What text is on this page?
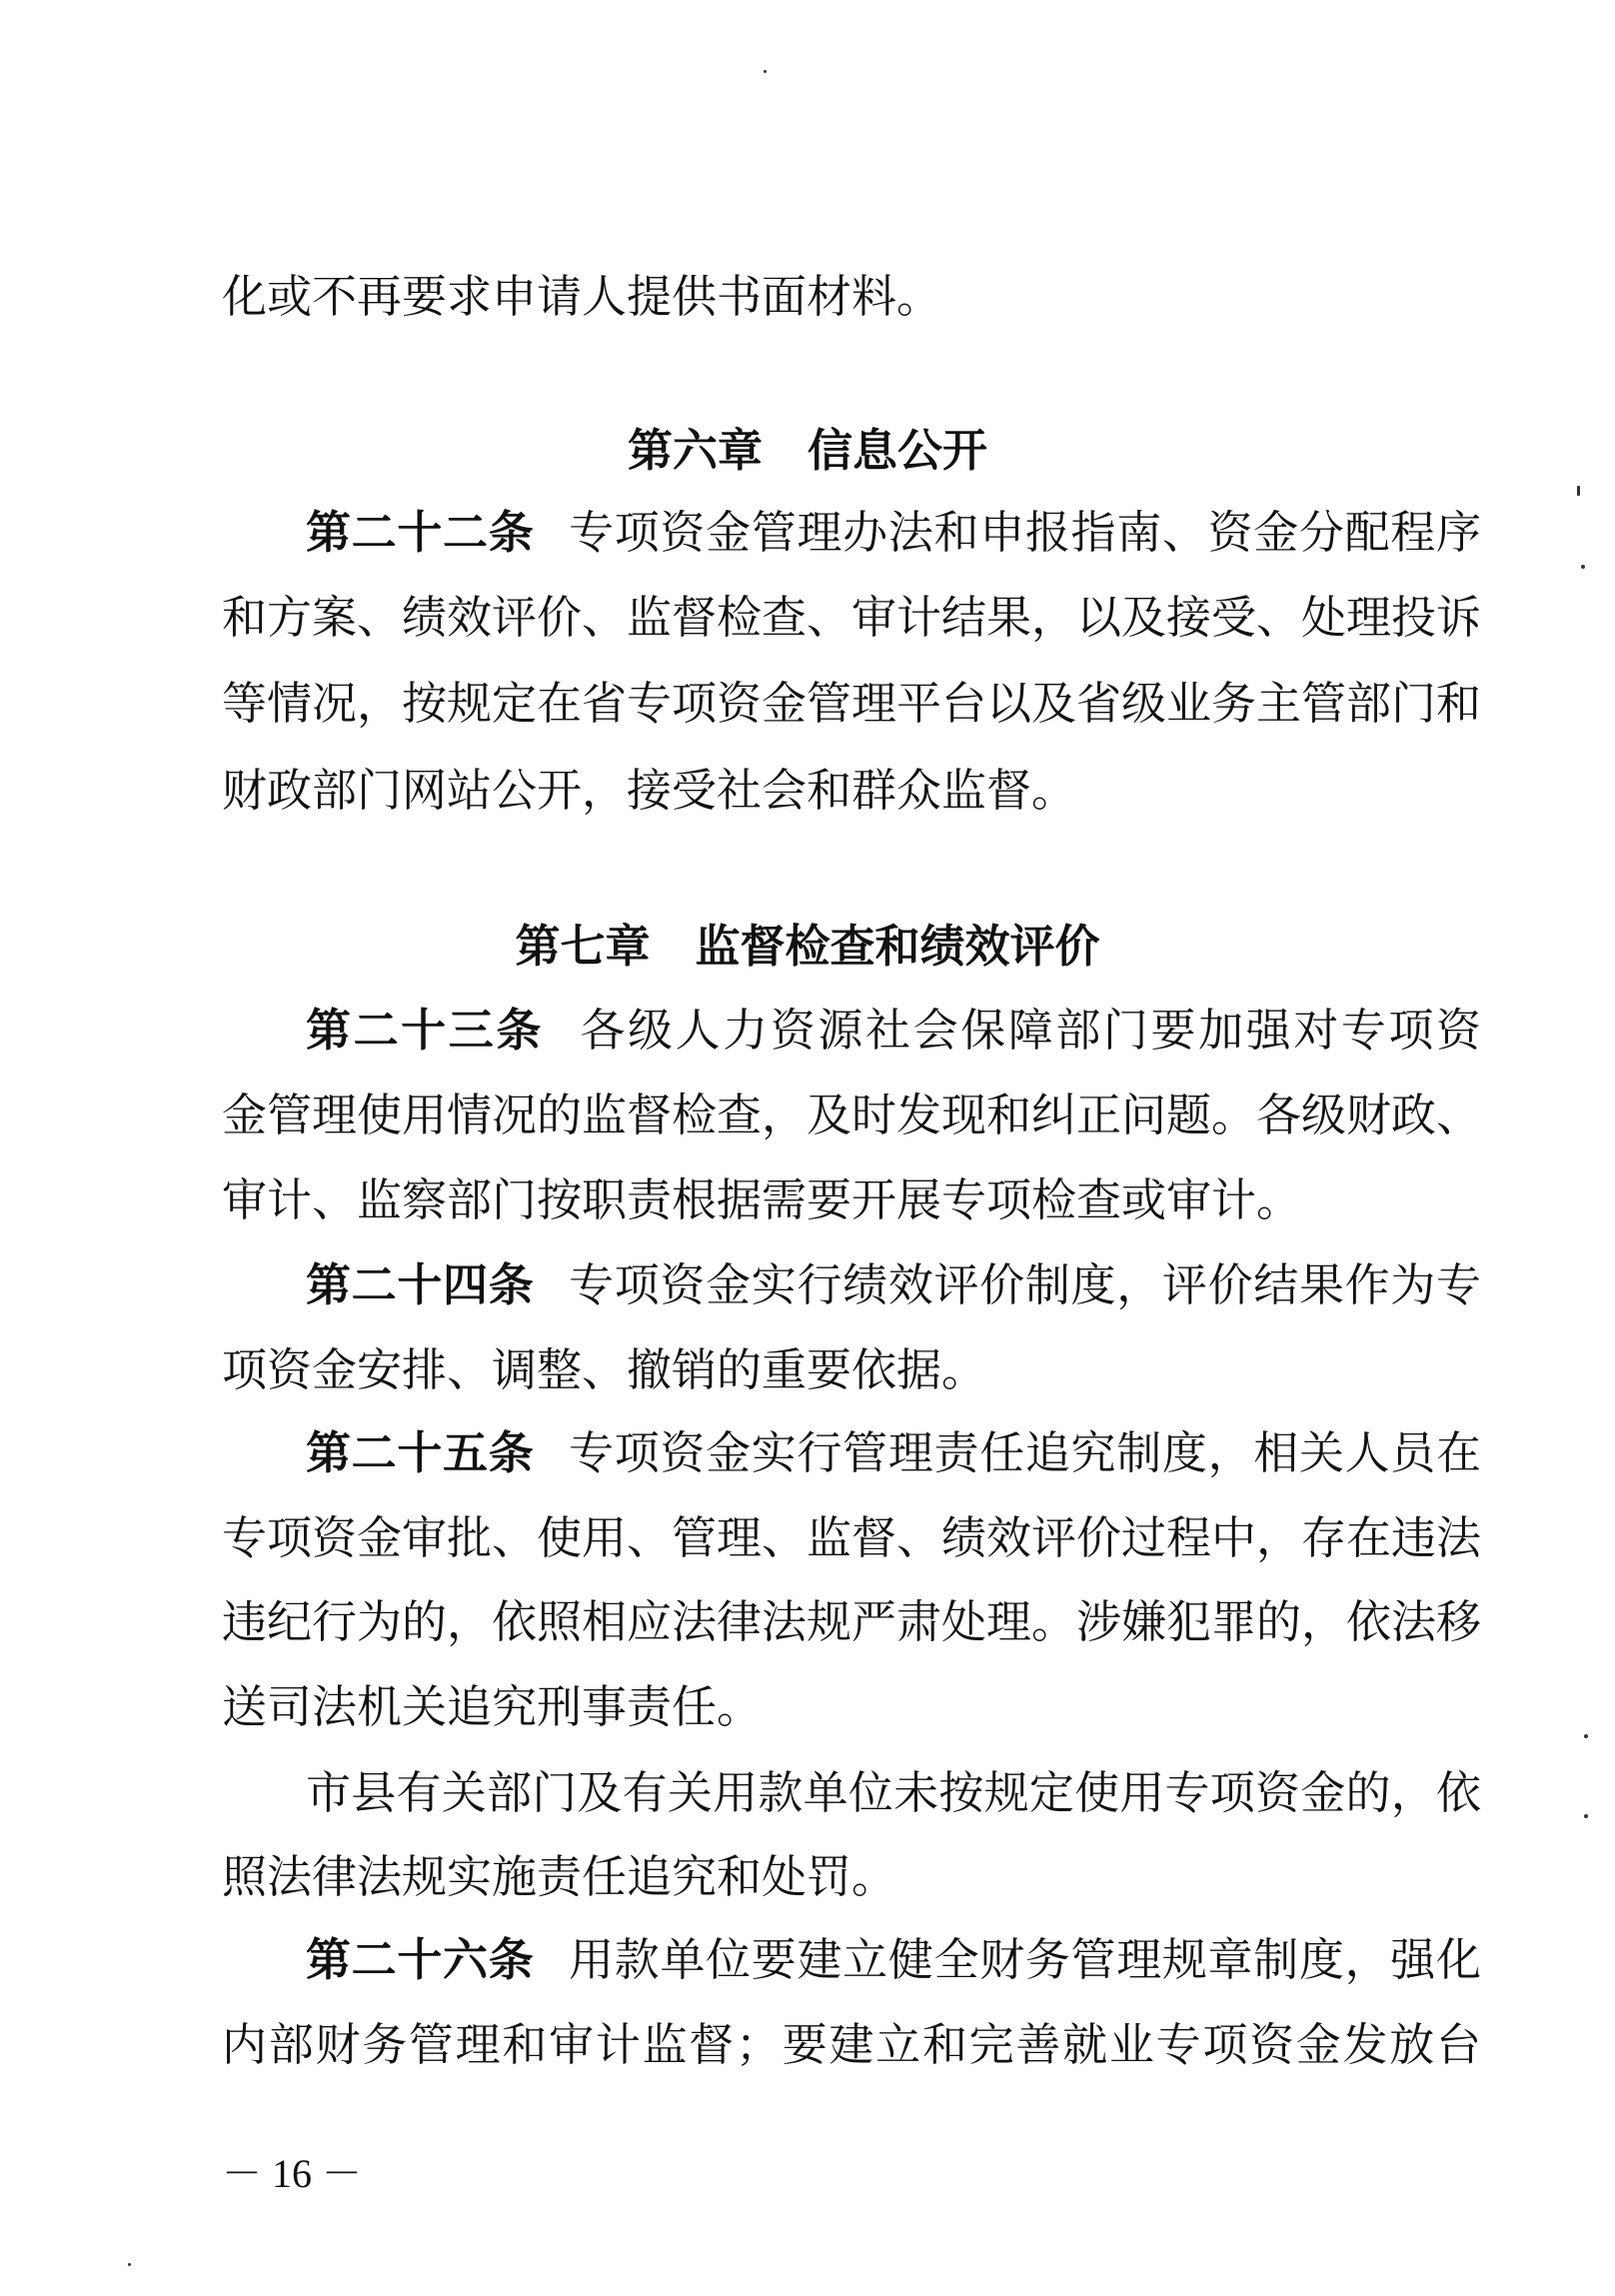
化或不再要求申请人提供书面材料。
第六章 信息公开
第二十二条 专项资金管理办法和申报指南、资金分配程序
和方案、绩效评价、监督检查、审计结果，以及接受、处理投诉
等情况，按规定在省专项资金管理平台以及省级业务主管部门和
财政部门网站公开，接受社会和群众监督。
第七章 监督检查和绩效评价
第二十三条 各级人力资源社会保障部门要加强对专项资
金管理使用情况的监督检查，及时发现和纠正问题。各级财政、
审计、监察部门按职责根据需要开展专项检查或审计。
第二十四条 专项资金实行绩效评价制度，评价结果作为专
项资金安排、调整、撤销的重要依据。
第二十五条 专项资金实行管理责任追究制度，相关人员在
专项资金审批、使用、管理、监督、绩效评价过程中，存在违法
违纪行为的，依照相应法律法规严肃处理。涉嫌犯罪的，依法移
送司法机关追究刑事责任。
市县有关部门及有关用款单位未按规定使用专项资金的，依
照法律法规实施责任追究和处罚。
第二十六条 用款单位要建立健全财务管理规章制度，强化
内部财务管理和审计监督；要建立和完善就业专项资金发放台
－ 16 －
